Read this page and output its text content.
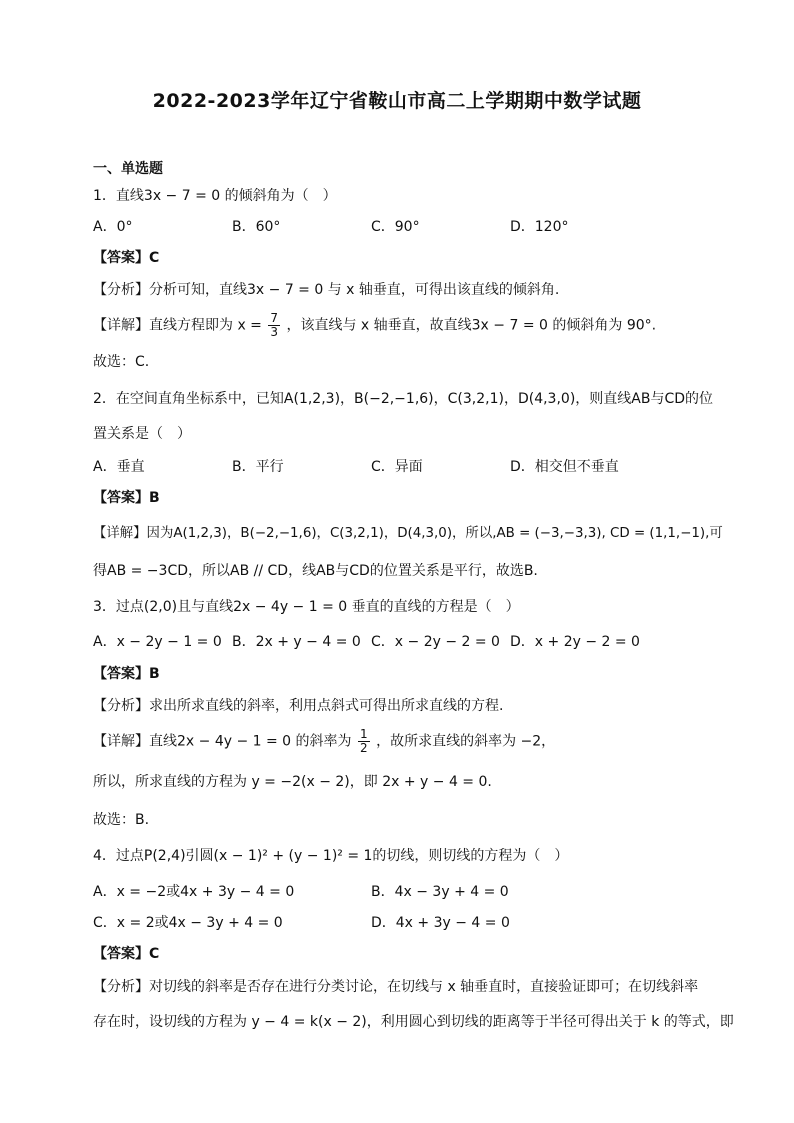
2022-2023学年辽宁省鞍山市高二上学期期中数学试题
一、单选题
1．直线3x − 7 = 0 的倾斜角为（　）
A．0°	B．60°	C．90°	D．120°
【答案】C
【分析】分析可知，直线3x − 7 = 0 与 x 轴垂直，可得出该直线的倾斜角.
【详解】直线方程即为 $x = \frac{7}{3}$ ，该直线与 x 轴垂直，故直线3x − 7 = 0 的倾斜角为 90°.
故选：C.
2．在空间直角坐标系中，已知A(1,2,3)，B(−2,−1,6)，C(3,2,1)，D(4,3,0)，则直线AB与CD的位
置关系是（　）
A．垂直	B．平行	C．异面	D．相交但不垂直
【答案】B
【详解】因为A(1,2,3)，B(−2,−1,6)，C(3,2,1)，D(4,3,0)，所以,AB = (−3,−3,3), CD = (1,1,−1),可
得AB = −3CD，所以AB // CD，线AB与CD的位置关系是平行，故选B.
3．过点(2,0)且与直线2x − 4y − 1 = 0 垂直的直线的方程是（　）
A．x − 2y − 1 = 0 B．2x + y − 4 = 0 C．x − 2y − 2 = 0 D．x + 2y − 2 = 0
【答案】B
【分析】求出所求直线的斜率，利用点斜式可得出所求直线的方程.
【详解】直线2x − 4y − 1 = 0 的斜率为 $\frac{1}{2}$ ，故所求直线的斜率为 −2，
所以，所求直线的方程为 y = −2(x − 2)，即 2x + y − 4 = 0.
故选：B.
4．过点P(2,4)引圆(x − 1)² + (y − 1)² = 1的切线，则切线的方程为（　）
A．x = −2或4x + 3y − 4 = 0	B．4x − 3y + 4 = 0
C．x = 2或4x − 3y + 4 = 0	D．4x + 3y − 4 = 0
【答案】C
【分析】对切线的斜率是否存在进行分类讨论，在切线与 x 轴垂直时，直接验证即可；在切线斜率
存在时，设切线的方程为 y − 4 = k(x − 2)，利用圆心到切线的距离等于半径可得出关于 k 的等式，即
